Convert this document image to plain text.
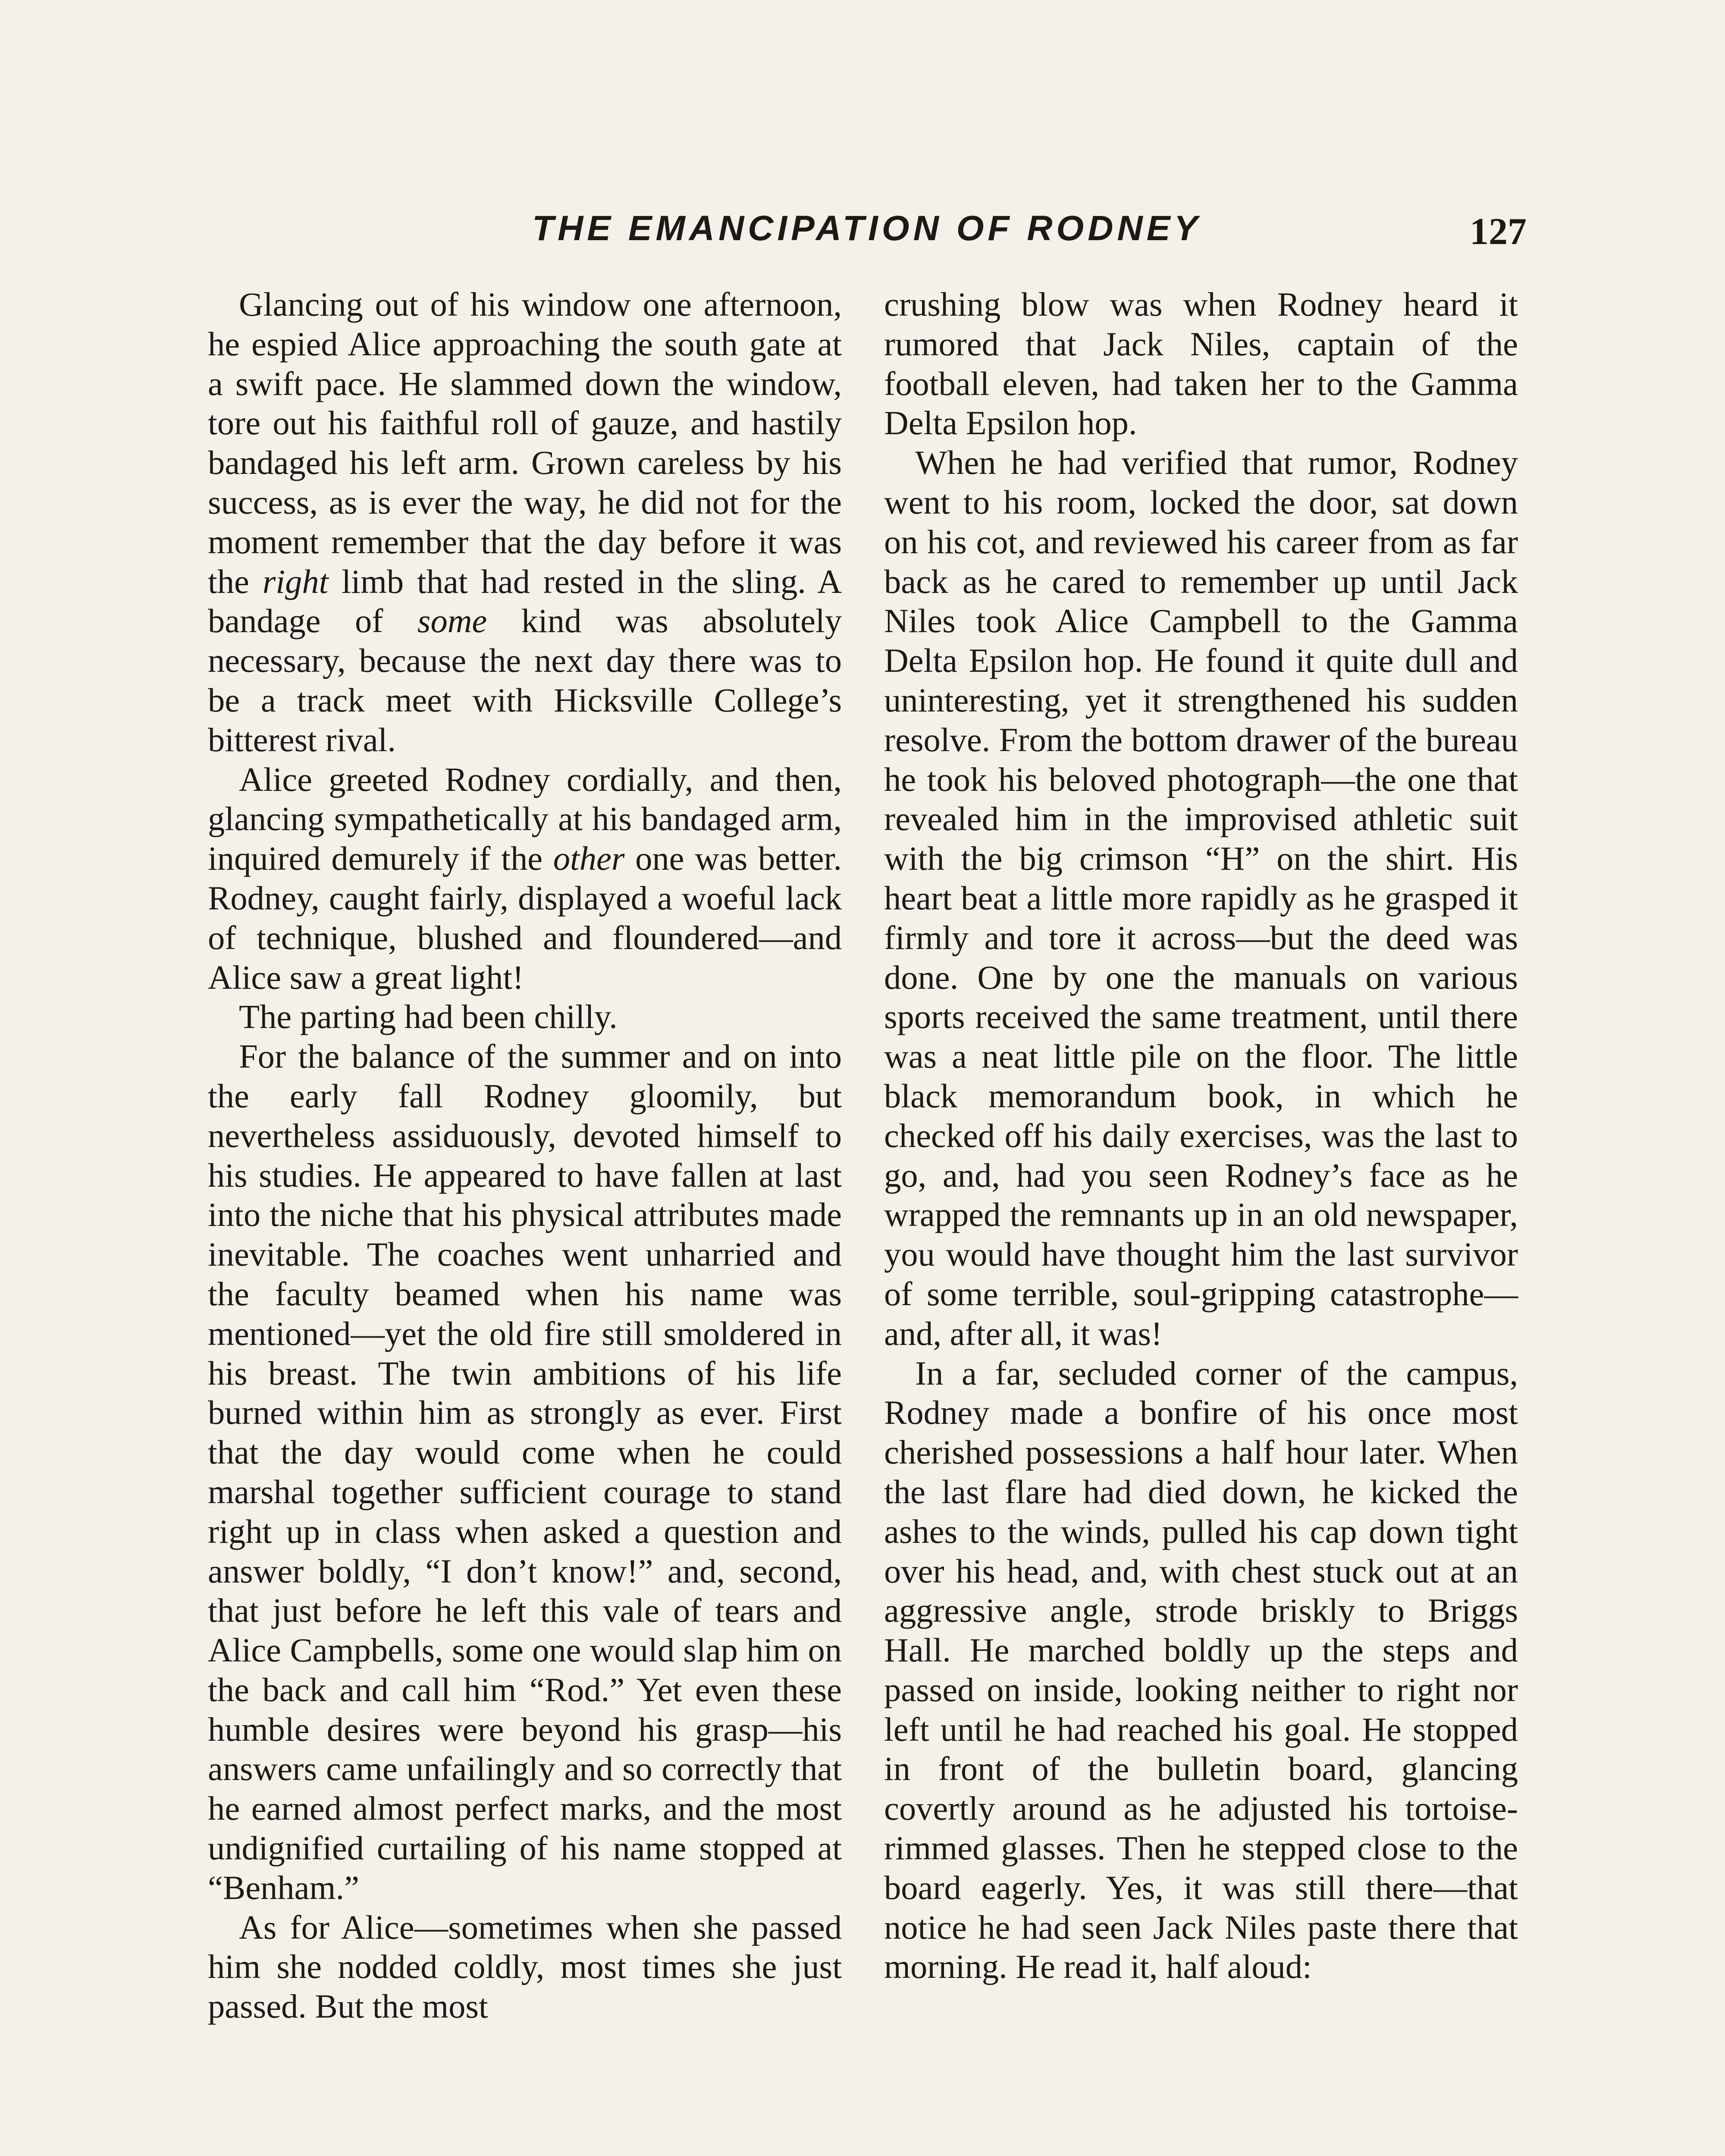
THE EMANCIPATION OF RODNEY	127

Glancing out of his window one afternoon, he espied Alice approaching the south gate at a swift pace. He slammed down the window, tore out his faithful roll of gauze, and hastily bandaged his left arm. Grown careless by his success, as is ever the way, he did not for the moment remember that the day before it was the right limb that had rested in the sling. A bandage of some kind was absolutely necessary, because the next day there was to be a track meet with Hicksville College’s bitterest rival.

Alice greeted Rodney cordially, and then, glancing sympathetically at his bandaged arm, inquired demurely if the other one was better. Rodney, caught fairly, displayed a woeful lack of technique, blushed and floundered—and Alice saw a great light!

The parting had been chilly.

For the balance of the summer and on into the early fall Rodney gloomily, but nevertheless assiduously, devoted himself to his studies. He appeared to have fallen at last into the niche that his physical attributes made inevitable. The coaches went unharried and the faculty beamed when his name was mentioned—yet the old fire still smoldered in his breast. The twin ambitions of his life burned within him as strongly as ever. First that the day would come when he could marshal together sufficient courage to stand right up in class when asked a question and answer boldly, “I don’t know!” and, second, that just before he left this vale of tears and Alice Campbells, some one would slap him on the back and call him “Rod.” Yet even these humble desires were beyond his grasp—his answers came unfailingly and so correctly that he earned almost perfect marks, and the most undignified curtailing of his name stopped at “Benham.”

As for Alice—sometimes when she passed him she nodded coldly, most times she just passed. But the most

crushing blow was when Rodney heard it rumored that Jack Niles, captain of the football eleven, had taken her to the Gamma Delta Epsilon hop.

When he had verified that rumor, Rodney went to his room, locked the door, sat down on his cot, and reviewed his career from as far back as he cared to remember up until Jack Niles took Alice Campbell to the Gamma Delta Epsilon hop. He found it quite dull and uninteresting, yet it strengthened his sudden resolve. From the bottom drawer of the bureau he took his beloved photograph—the one that revealed him in the improvised athletic suit with the big crimson “H” on the shirt. His heart beat a little more rapidly as he grasped it firmly and tore it across—but the deed was done. One by one the manuals on various sports received the same treatment, until there was a neat little pile on the floor. The little black memorandum book, in which he checked off his daily exercises, was the last to go, and, had you seen Rodney’s face as he wrapped the remnants up in an old newspaper, you would have thought him the last survivor of some terrible, soul-gripping catastrophe—and, after all, it was!

In a far, secluded corner of the campus, Rodney made a bonfire of his once most cherished possessions a half hour later. When the last flare had died down, he kicked the ashes to the winds, pulled his cap down tight over his head, and, with chest stuck out at an aggressive angle, strode briskly to Briggs Hall. He marched boldly up the steps and passed on inside, looking neither to right nor left until he had reached his goal. He stopped in front of the bulletin board, glancing covertly around as he adjusted his tortoise-rimmed glasses. Then he stepped close to the board eagerly. Yes, it was still there—that notice he had seen Jack Niles paste there that morning. He read it, half aloud:
